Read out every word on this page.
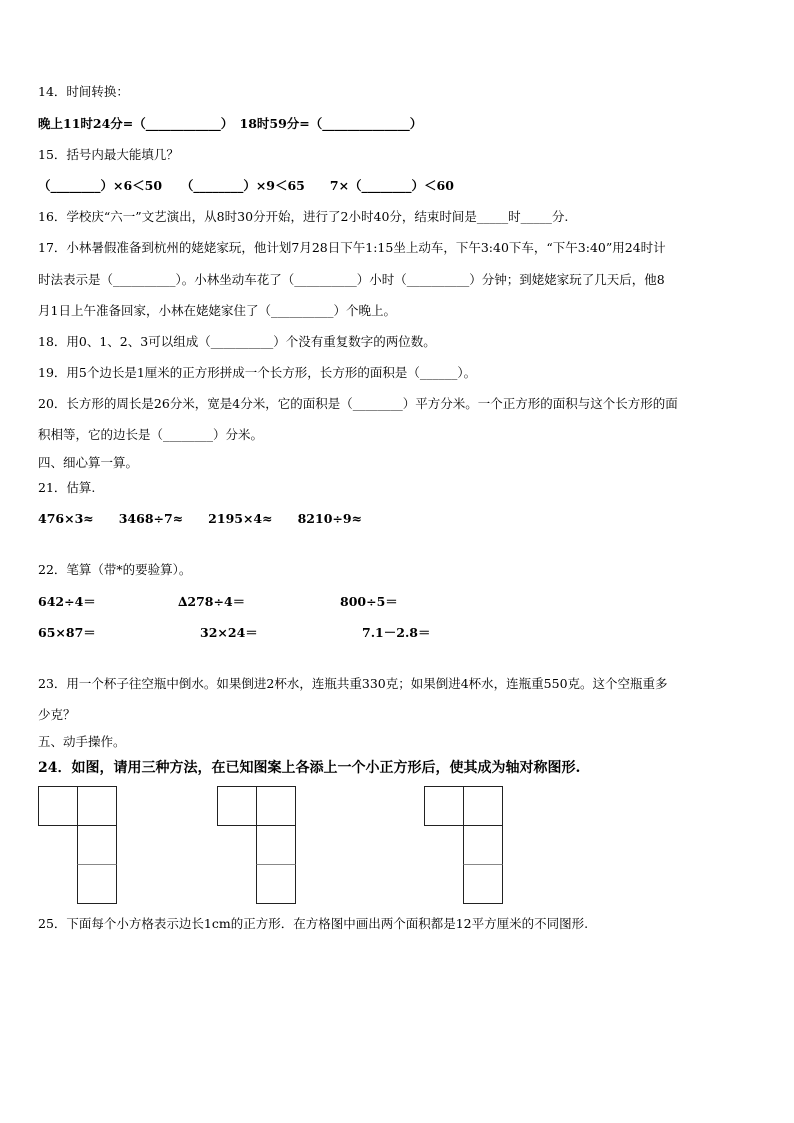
14．时间转换：
晚上11时24分=（____________）　18时59分=（______________）
15．括号内最大能填几？
（________）×6＜50　　（________）×9＜65　　7×（________）＜60
16．学校庆“六一”文艺演出，从8时30分开始，进行了2小时40分，结束时间是_____时_____分.
17．小林暑假准备到杭州的姥姥家玩，他计划7月28日下午1:15坐上动车，下午3:40下车，“下午3:40”用24时计
时法表示是（__________）。小林坐动车花了（__________）小时（__________）分钟；到姥姥家玩了几天后，他8
月1日上午准备回家，小林在姥姥家住了（__________）个晚上。
18．用0、1、2、3可以组成（__________）个没有重复数字的两位数。
19．用5个边长是1厘米的正方形拼成一个长方形，长方形的面积是（______）。
20．长方形的周长是26分米，宽是4分米，它的面积是（________）平方分米。一个正方形的面积与这个长方形的面
积相等，它的边长是（________）分米。
四、细心算一算。
21．估算.
476×3≈　　3468÷7≈　　2195×4≈　　8210÷9≈
22．笔算（带*的要验算）。
642÷4＝	∆278÷4＝	800÷5＝
65×87＝	32×24＝	7.1－2.8＝
23．用一个杯子往空瓶中倒水。如果倒进2杯水，连瓶共重330克；如果倒进4杯水，连瓶重550克。这个空瓶重多
少克？
五、动手操作。
24．如图，请用三种方法，在已知图案上各添上一个小正方形后，使其成为轴对称图形.
25．下面每个小方格表示边长1cm的正方形．在方格图中画出两个面积都是12平方厘米的不同图形.
